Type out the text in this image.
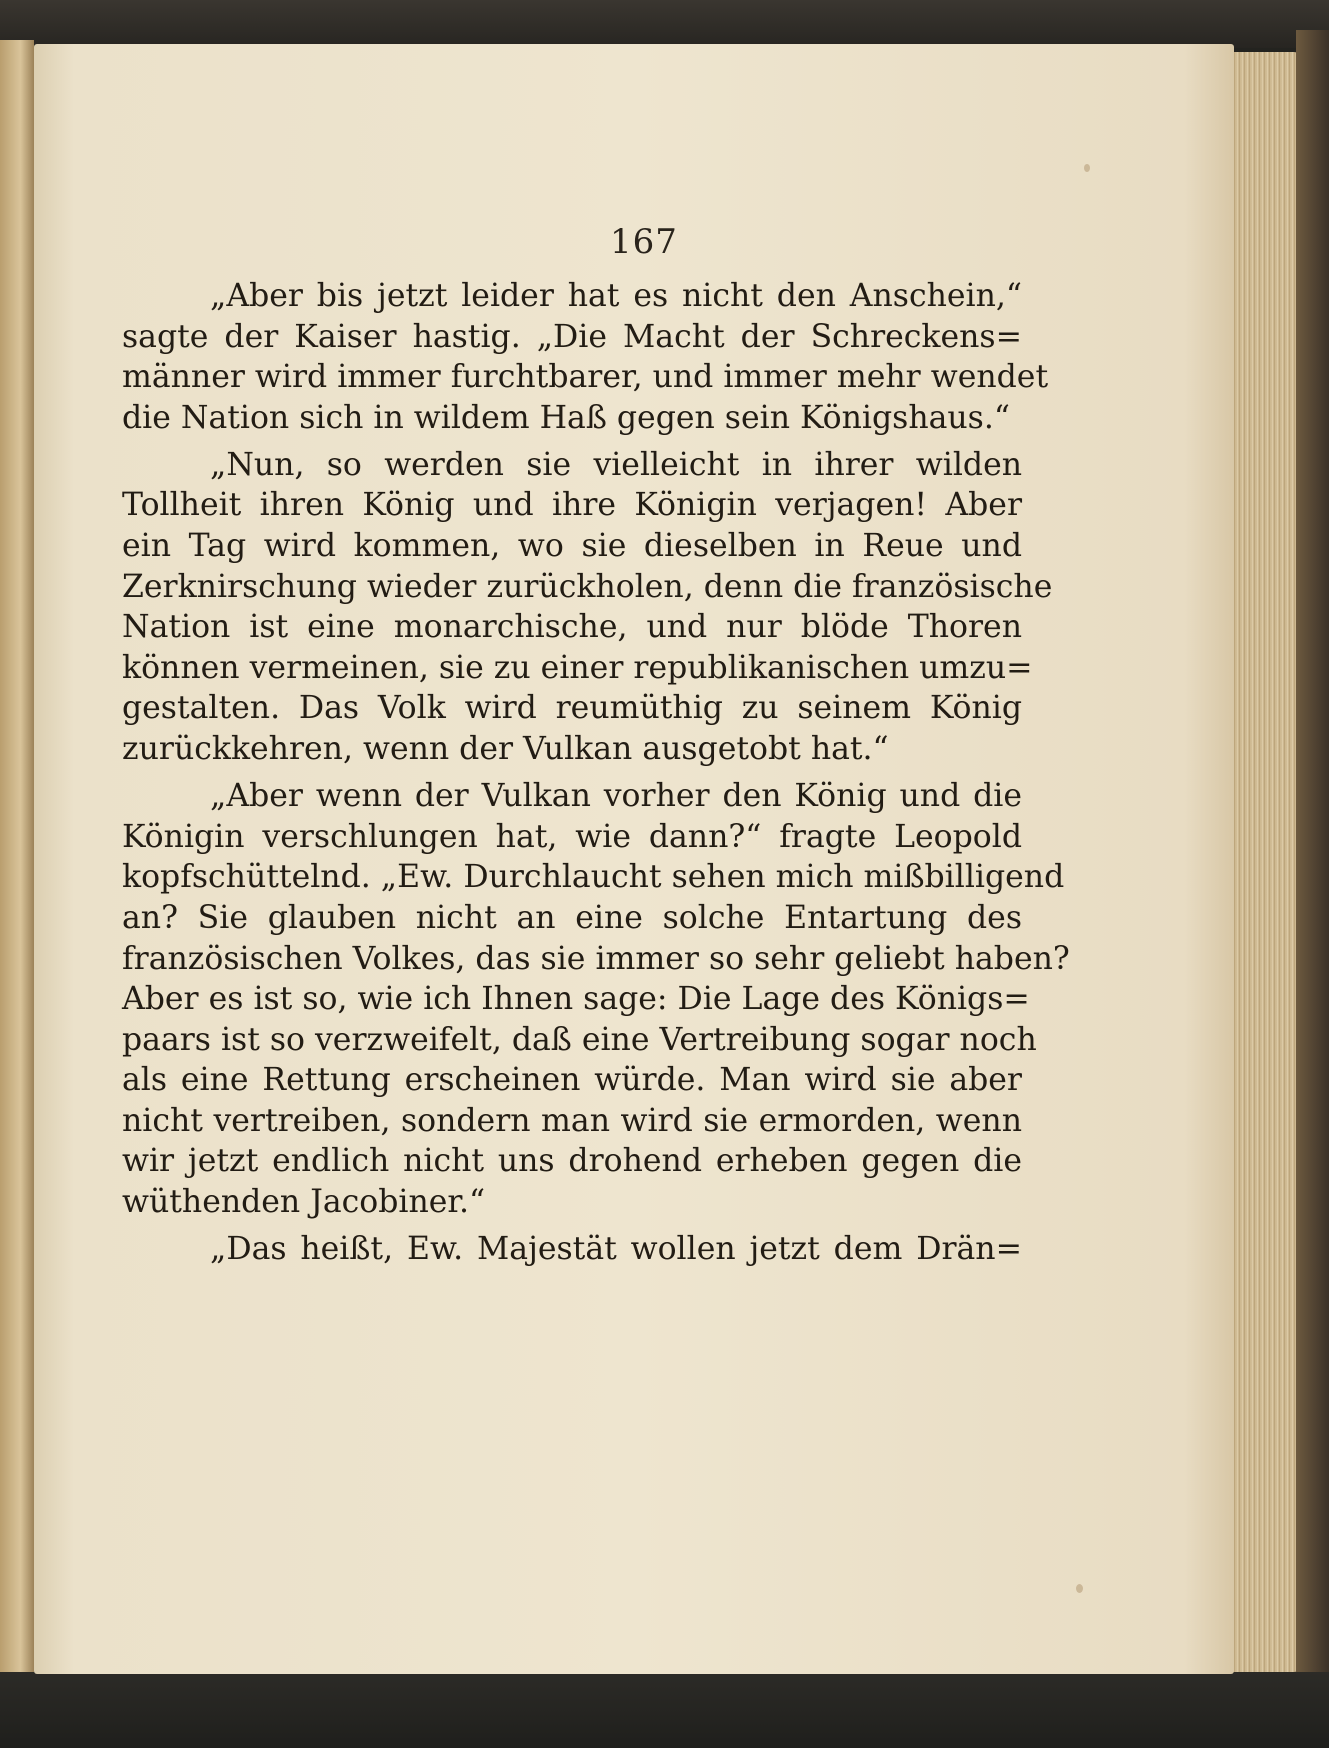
167
„Aber bis jetzt leider hat es nicht den Anschein,“
sagte der Kaiser hastig. „Die Macht der Schreckens=
männer wird immer furchtbarer, und immer mehr wendet
die Nation sich in wildem Haß gegen sein Königshaus.“
„Nun, so werden sie vielleicht in ihrer wilden
Tollheit ihren König und ihre Königin verjagen! Aber
ein Tag wird kommen, wo sie dieselben in Reue und
Zerknirschung wieder zurückholen, denn die französische
Nation ist eine monarchische, und nur blöde Thoren
können vermeinen, sie zu einer republikanischen umzu=
gestalten. Das Volk wird reumüthig zu seinem König
zurückkehren, wenn der Vulkan ausgetobt hat.“
„Aber wenn der Vulkan vorher den König und die
Königin verschlungen hat, wie dann?“ fragte Leopold
kopfschüttelnd. „Ew. Durchlaucht sehen mich mißbilligend
an? Sie glauben nicht an eine solche Entartung des
französischen Volkes, das sie immer so sehr geliebt haben?
Aber es ist so, wie ich Ihnen sage: Die Lage des Königs=
paars ist so verzweifelt, daß eine Vertreibung sogar noch
als eine Rettung erscheinen würde. Man wird sie aber
nicht vertreiben, sondern man wird sie ermorden, wenn
wir jetzt endlich nicht uns drohend erheben gegen die
wüthenden Jacobiner.“
„Das heißt, Ew. Majestät wollen jetzt dem Drän=
